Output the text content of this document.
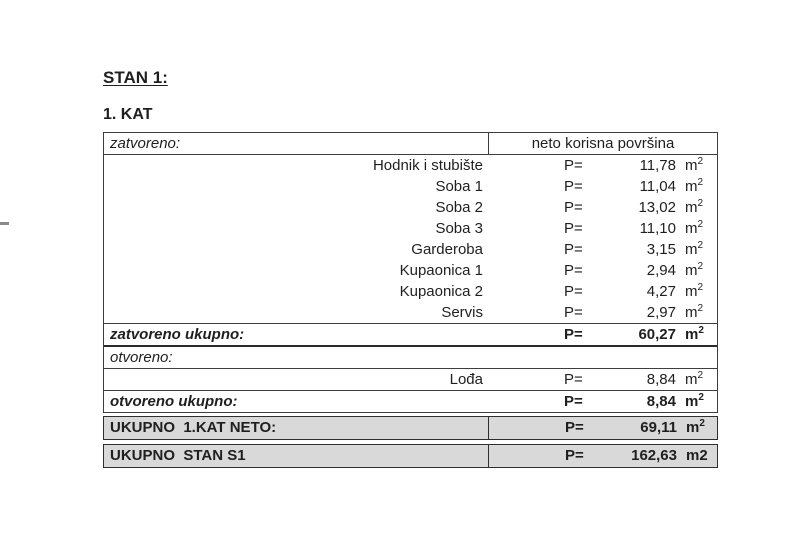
STAN 1:
1. KAT
zatvoreno:	neto korisna površina
Hodnik i stubište	P=	11,78 $m^2$
Soba 1	P=	11,04 $m^2$
Soba 2	P=	13,02 $m^2$
Soba 3	P=	11,10 $m^2$
Garderoba	P=	3,15 $m^2$
Kupaonica 1	P=	2,94 $m^2$
Kupaonica 2	P=	4,27 $m^2$
Servis	P=	2,97 $m^2$
zatvoreno ukupno:	P=	60,27 $m^2$
otvoreno:
Lođa	P=	8,84 $m^2$
otvoreno ukupno:	P=	8,84 $m^2$
UKUPNO  1.KAT NETO:	P=	69,11 $m^2$
UKUPNO  STAN S1	P=	162,63 m2
